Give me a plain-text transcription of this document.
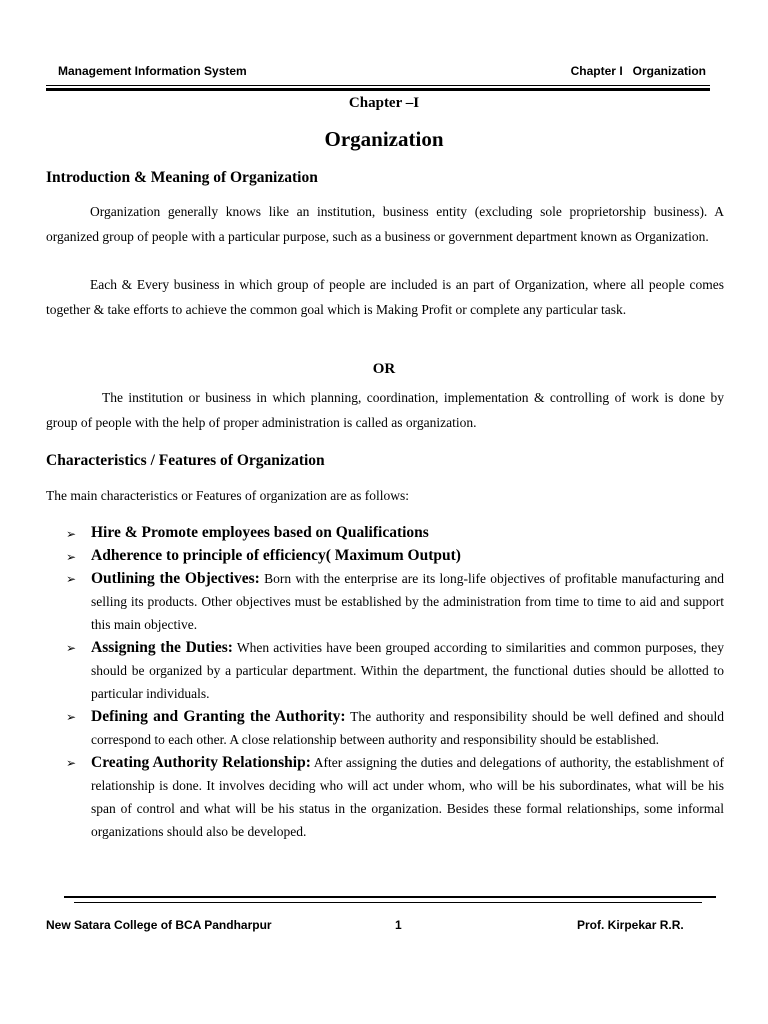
Management Information System	Chapter I   Organization
Chapter –I
Organization
Introduction & Meaning of Organization
Organization generally knows like an institution, business entity (excluding sole proprietorship business). A organized group of people with a particular purpose, such as a business or government department known as Organization.
Each & Every business in which group of people are included is an part of Organization, where all people comes together & take efforts to achieve the common goal which is Making Profit or complete any particular task.
OR
The institution or business in which planning, coordination, implementation & controlling of work is done by group of people with the help of proper administration is called as organization.
Characteristics / Features of Organization
The main characteristics or Features of organization are as follows:
➢ Hire & Promote employees based on Qualifications
➢ Adherence to principle of efficiency( Maximum Output)
➢ Outlining the Objectives: Born with the enterprise are its long-life objectives of profitable manufacturing and selling its products. Other objectives must be established by the administration from time to time to aid and support this main objective.
➢ Assigning the Duties: When activities have been grouped according to similarities and common purposes, they should be organized by a particular department. Within the department, the functional duties should be allotted to particular individuals.
➢ Defining and Granting the Authority: The authority and responsibility should be well defined and should correspond to each other. A close relationship between authority and responsibility should be established.
➢ Creating Authority Relationship: After assigning the duties and delegations of authority, the establishment of relationship is done. It involves deciding who will act under whom, who will be his subordinates, what will be his span of control and what will be his status in the organization. Besides these formal relationships, some informal organizations should also be developed.
New Satara College of BCA Pandharpur	1	Prof. Kirpekar R.R.
